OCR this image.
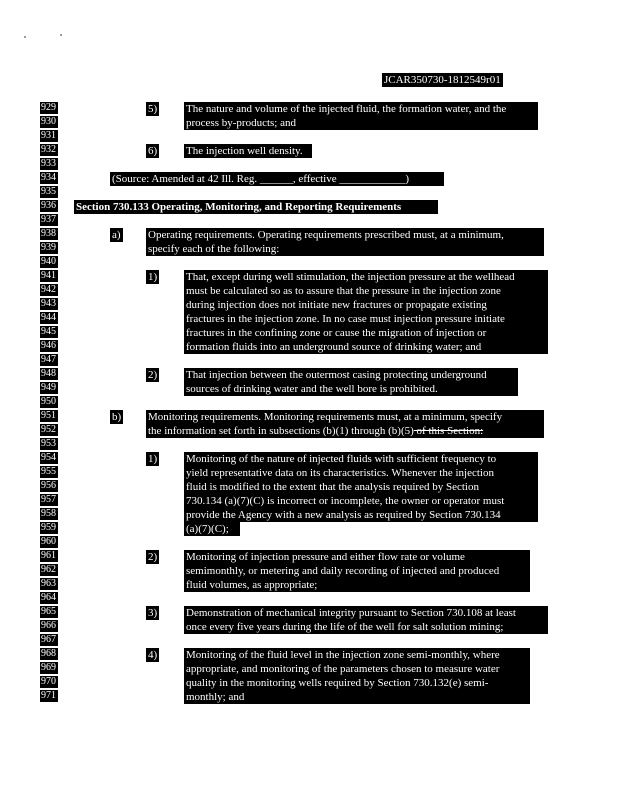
JCAR350730-1812549r01
929
930
931
932
933
934
935
936
937
938
939
940
941
942
943
944
945
946
947
948
949
950
951
952
953
954
955
956
957
958
959
960
961
962
963
964
965
966
967
968
969
970
971
5)	The nature and volume of the injected fluid, the formation water, and the
process by-products; and
6)	The injection well density.
(Source: Amended at 42 Ill. Reg. ______, effective ____________)
Section 730.133 Operating, Monitoring, and Reporting Requirements
a) Operating requirements. Operating requirements prescribed must, at a minimum,
specify each of the following:
1)	That, except during well stimulation, the injection pressure at the wellhead
must be calculated so as to assure that the pressure in the injection zone
during injection does not initiate new fractures or propagate existing
fractures in the injection zone. In no case must injection pressure initiate
fractures in the confining zone or cause the migration of injection or
formation fluids into an underground source of drinking water; and
2)	That injection between the outermost casing protecting underground
sources of drinking water and the well bore is prohibited.
b) Monitoring requirements. Monitoring requirements must, at a minimum, specify
the information set forth in subsections (b)(1) through (b)(5) of this Section:
1)	Monitoring of the nature of injected fluids with sufficient frequency to
yield representative data on its characteristics. Whenever the injection
fluid is modified to the extent that the analysis required by Section
730.134 (a)(7)(C) is incorrect or incomplete, the owner or operator must
provide the Agency with a new analysis as required by Section 730.134
(a)(7)(C);
2)	Monitoring of injection pressure and either flow rate or volume
semimonthly, or metering and daily recording of injected and produced
fluid volumes, as appropriate;
3)	Demonstration of mechanical integrity pursuant to Section 730.108 at least
once every five years during the life of the well for salt solution mining;
4)	Monitoring of the fluid level in the injection zone semi-monthly, where
appropriate, and monitoring of the parameters chosen to measure water
quality in the monitoring wells required by Section 730.132(e) semi-
monthly; and
